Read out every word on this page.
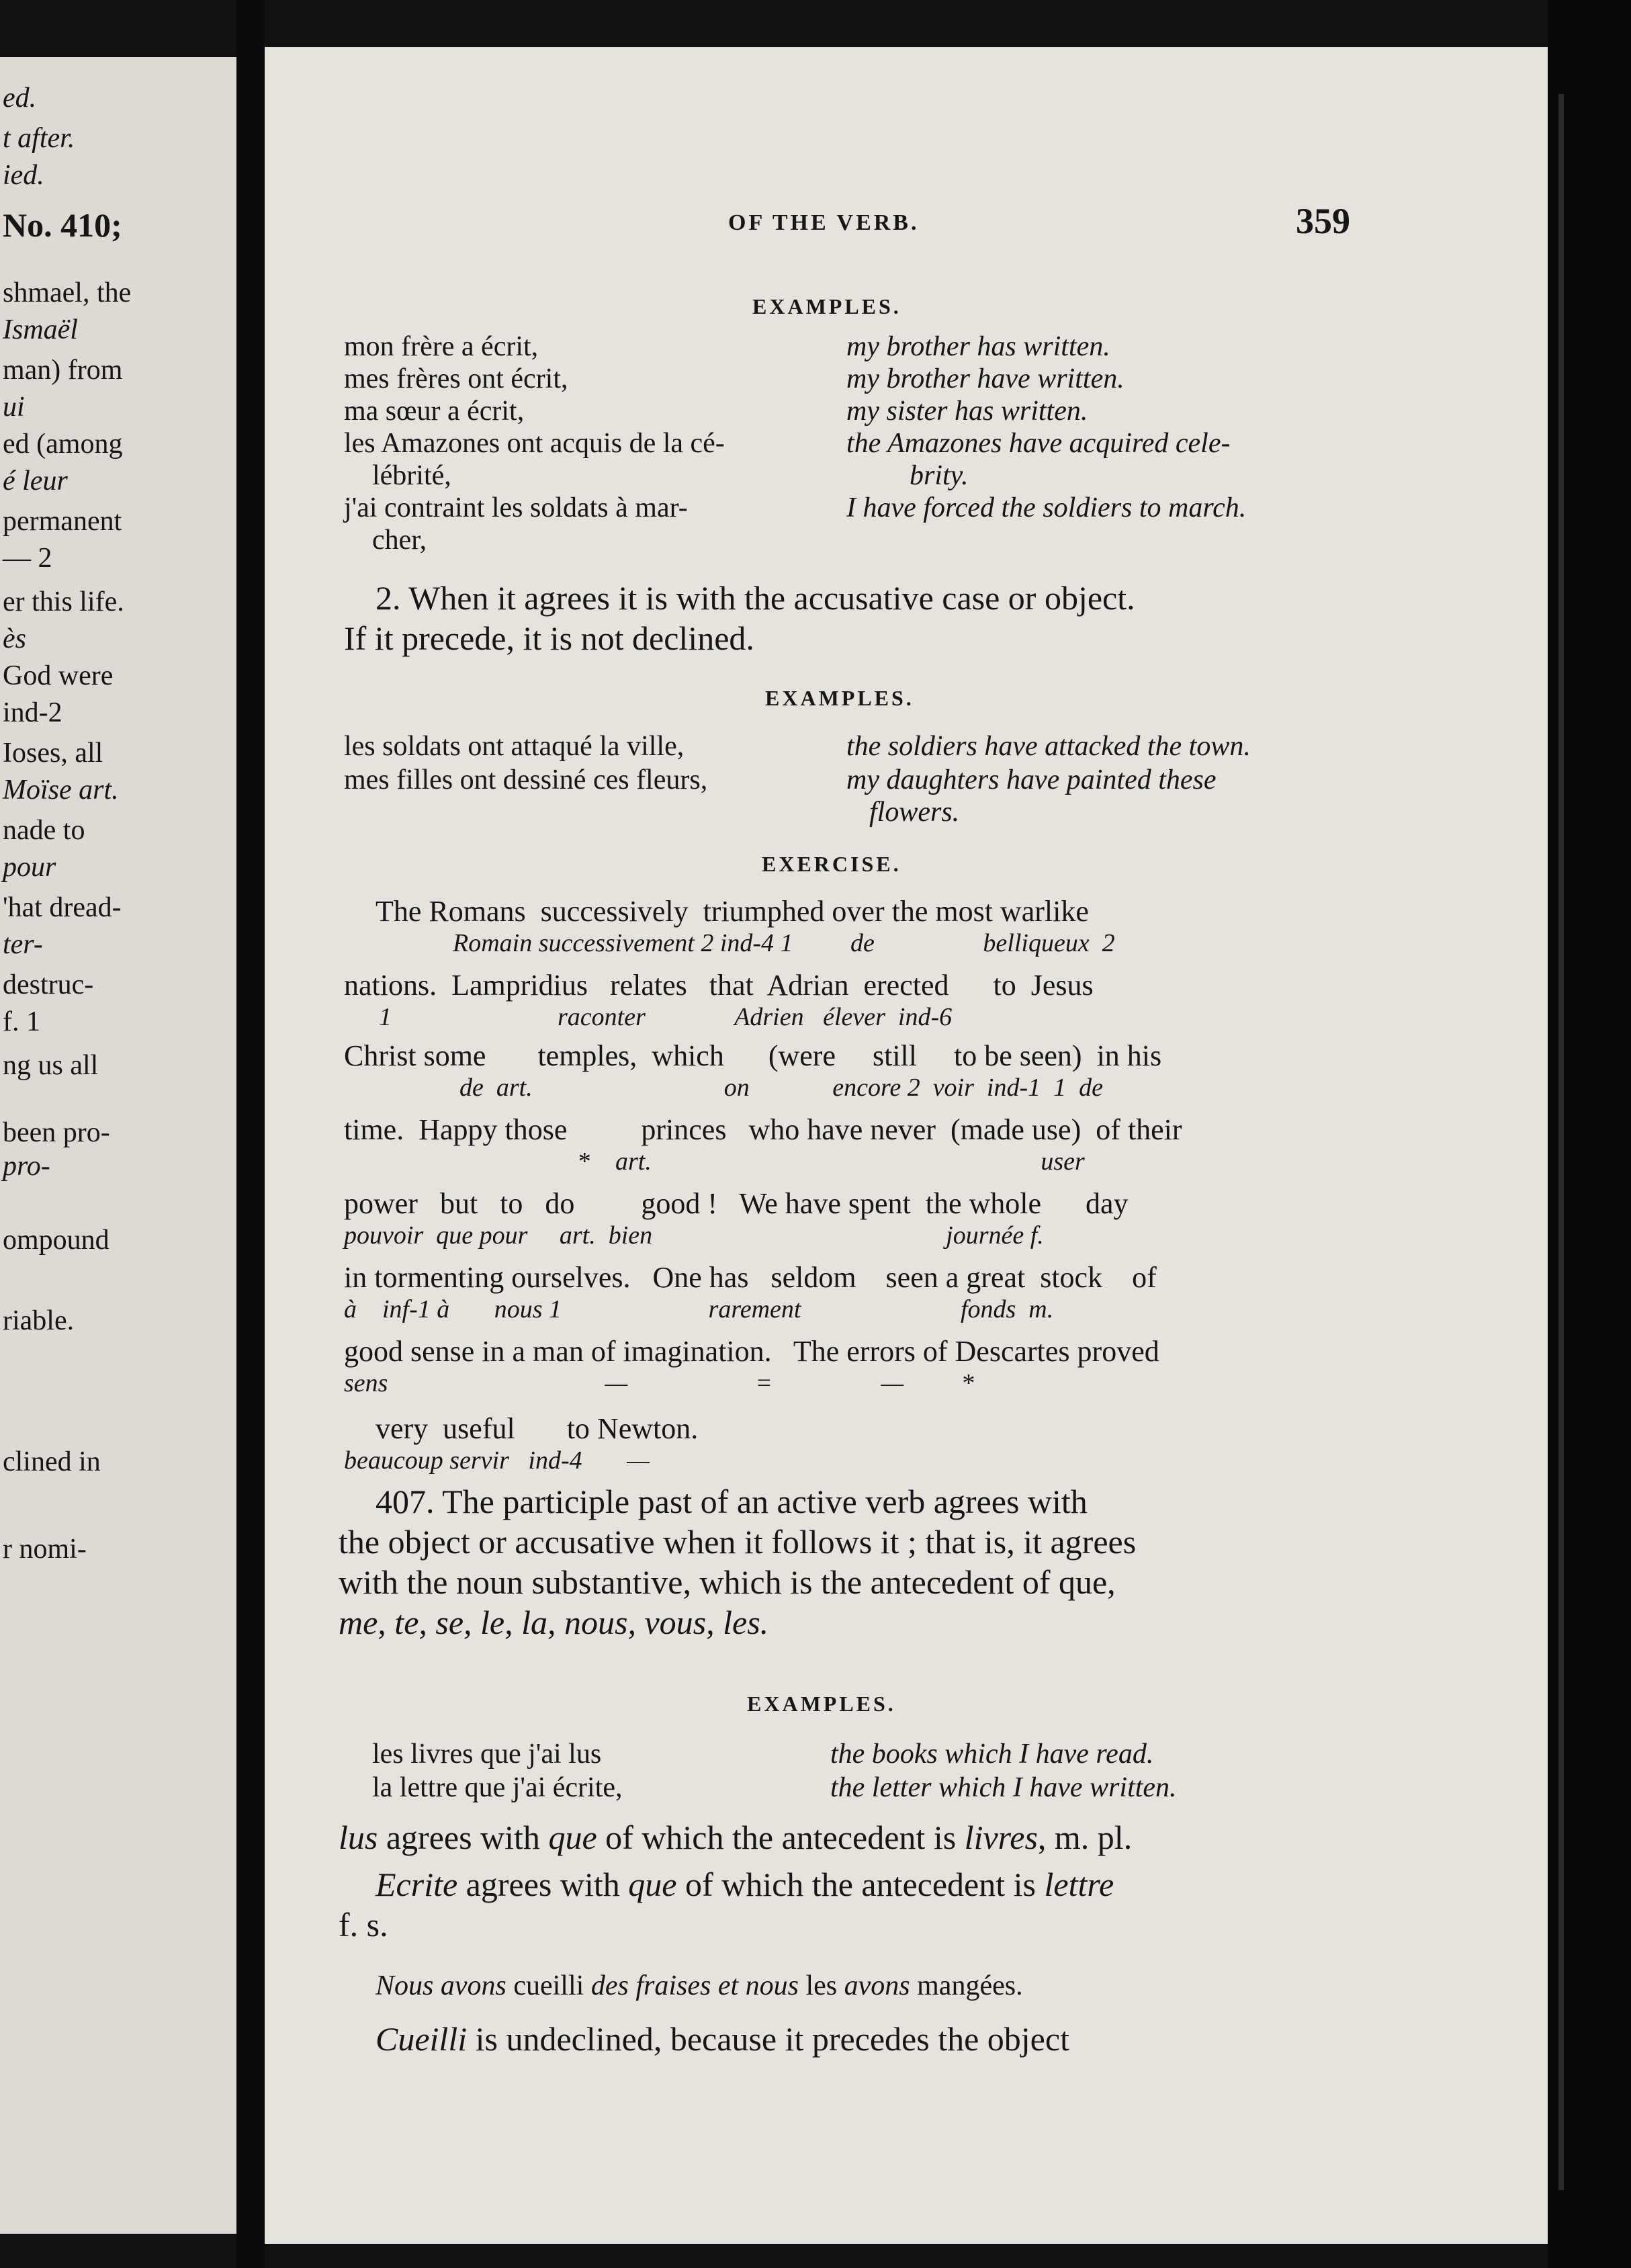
ed.
t after.
ied.
No. 410;
shmael, the
Ismaël
man) from
ui
ed (among
é leur
permanent
— 2
er this life.
ès
God were
ind-2
Ioses, all
Moïse art.
nade to
pour
'hat dread-
ter-
destruc-
f. 1
ng us all
been pro-
pro-
ompound
riable.
clined in
r nomi-
OF THE VERB.	359
EXAMPLES.
mon frère a écrit,	my brother has written.
mes frères ont écrit,	my brother have written.
ma sœur a écrit,	my sister has written.
les Amazones ont acquis de la cé-	the Amazones have acquired cele-
lébrité,	brity.
j'ai contraint les soldats à mar-	I have forced the soldiers to march.
cher,
2. When it agrees it is with the accusative case or object.
If it precede, it is not declined.
EXAMPLES.
les soldats ont attaqué la ville,	the soldiers have attacked the town.
mes filles ont dessiné ces fleurs,	my daughters have painted these
flowers.
EXERCISE.
The Romans  successively  triumphed over the most warlike
Romain successivement 2 ind-4 1         de                 belliqueux  2
nations.  Lampridius   relates   that  Adrian  erected      to  Jesus
1                          raconter              Adrien   élever  ind-6
Christ some       temples,  which      (were     still     to be seen)  in his
de  art.                              on             encore 2  voir  ind-1  1  de
time.  Happy those          princes   who have never  (made use)  of their
*    art.                                                             user
power   but   to   do         good !   We have spent  the whole      day
pouvoir  que pour     art.  bien                                              journée f.
in tormenting ourselves.   One has   seldom    seen a great  stock    of
à    inf-1 à       nous 1                       rarement                         fonds  m.
good sense in a man of imagination.   The errors of Descartes proved
sens                                  —                    =                 —         *
very  useful       to Newton.
beaucoup servir   ind-4       —
407. The participle past of an active verb agrees with
the object or accusative when it follows it ; that is, it agrees
with the noun substantive, which is the antecedent of que,
me, te, se, le, la, nous, vous, les.
EXAMPLES.
les livres que j'ai lus	the books which I have read.
la lettre que j'ai écrite,	the letter which I have written.
lus agrees with que of which the antecedent is livres, m. pl.
Ecrite agrees with que of which the antecedent is lettre
f. s.
Nous avons cueilli des fraises et nous les avons mangées.
Cueilli is undeclined, because it precedes the object
